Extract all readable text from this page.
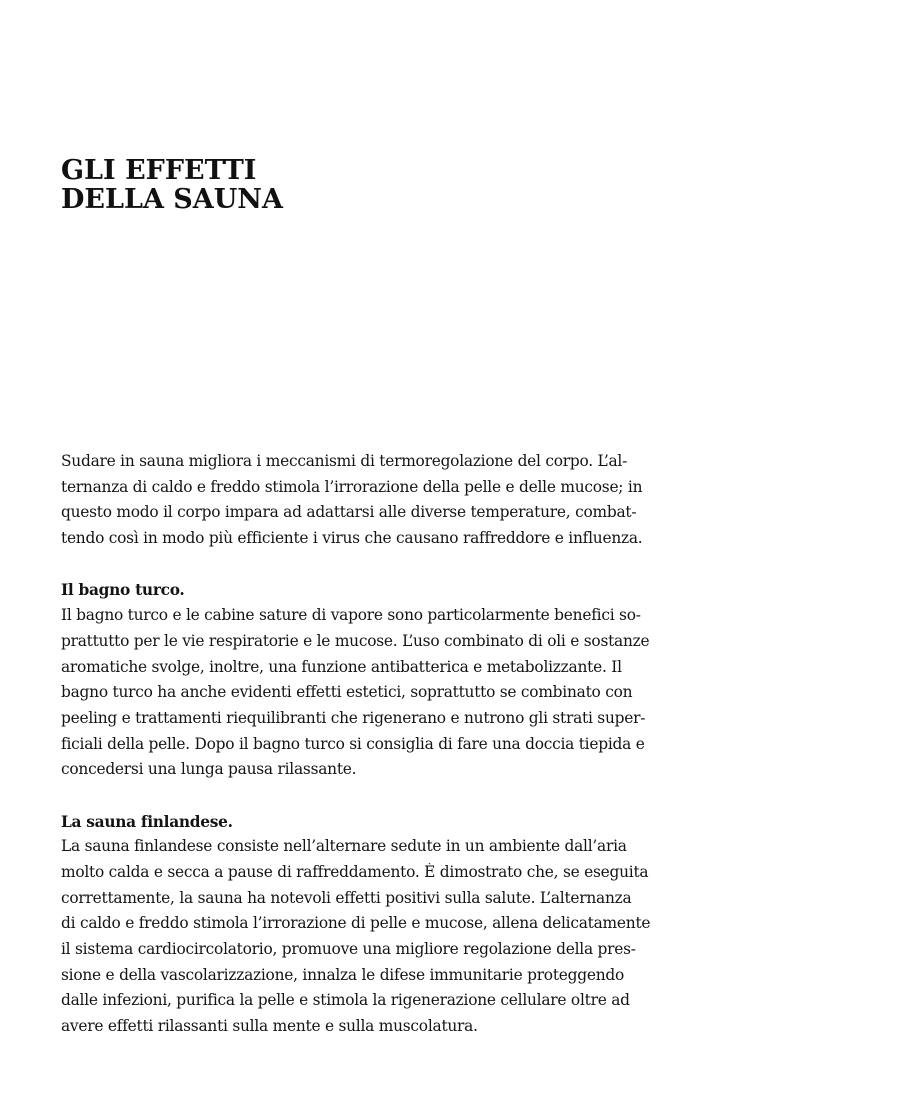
GLI EFFETTI
DELLA SAUNA
Sudare in sauna migliora i meccanismi di termoregolazione del corpo. L’al-
ternanza di caldo e freddo stimola l’irrorazione della pelle e delle mucose; in
questo modo il corpo impara ad adattarsi alle diverse temperature, combat-
tendo così in modo più efficiente i virus che causano raffreddore e influenza.
Il bagno turco.
Il bagno turco e le cabine sature di vapore sono particolarmente benefici so-
prattutto per le vie respiratorie e le mucose. L’uso combinato di oli e sostanze
aromatiche svolge, inoltre, una funzione antibatterica e metabolizzante. Il
bagno turco ha anche evidenti effetti estetici, soprattutto se combinato con
peeling e trattamenti riequilibranti che rigenerano e nutrono gli strati super-
ficiali della pelle. Dopo il bagno turco si consiglia di fare una doccia tiepida e
concedersi una lunga pausa rilassante.
La sauna finlandese.
La sauna finlandese consiste nell’alternare sedute in un ambiente dall’aria
molto calda e secca a pause di raffreddamento. È dimostrato che, se eseguita
correttamente, la sauna ha notevoli effetti positivi sulla salute. L’alternanza
di caldo e freddo stimola l’irrorazione di pelle e mucose, allena delicatamente
il sistema cardiocircolatorio, promuove una migliore regolazione della pres-
sione e della vascolarizzazione, innalza le difese immunitarie proteggendo
dalle infezioni, purifica la pelle e stimola la rigenerazione cellulare oltre ad
avere effetti rilassanti sulla mente e sulla muscolatura.
